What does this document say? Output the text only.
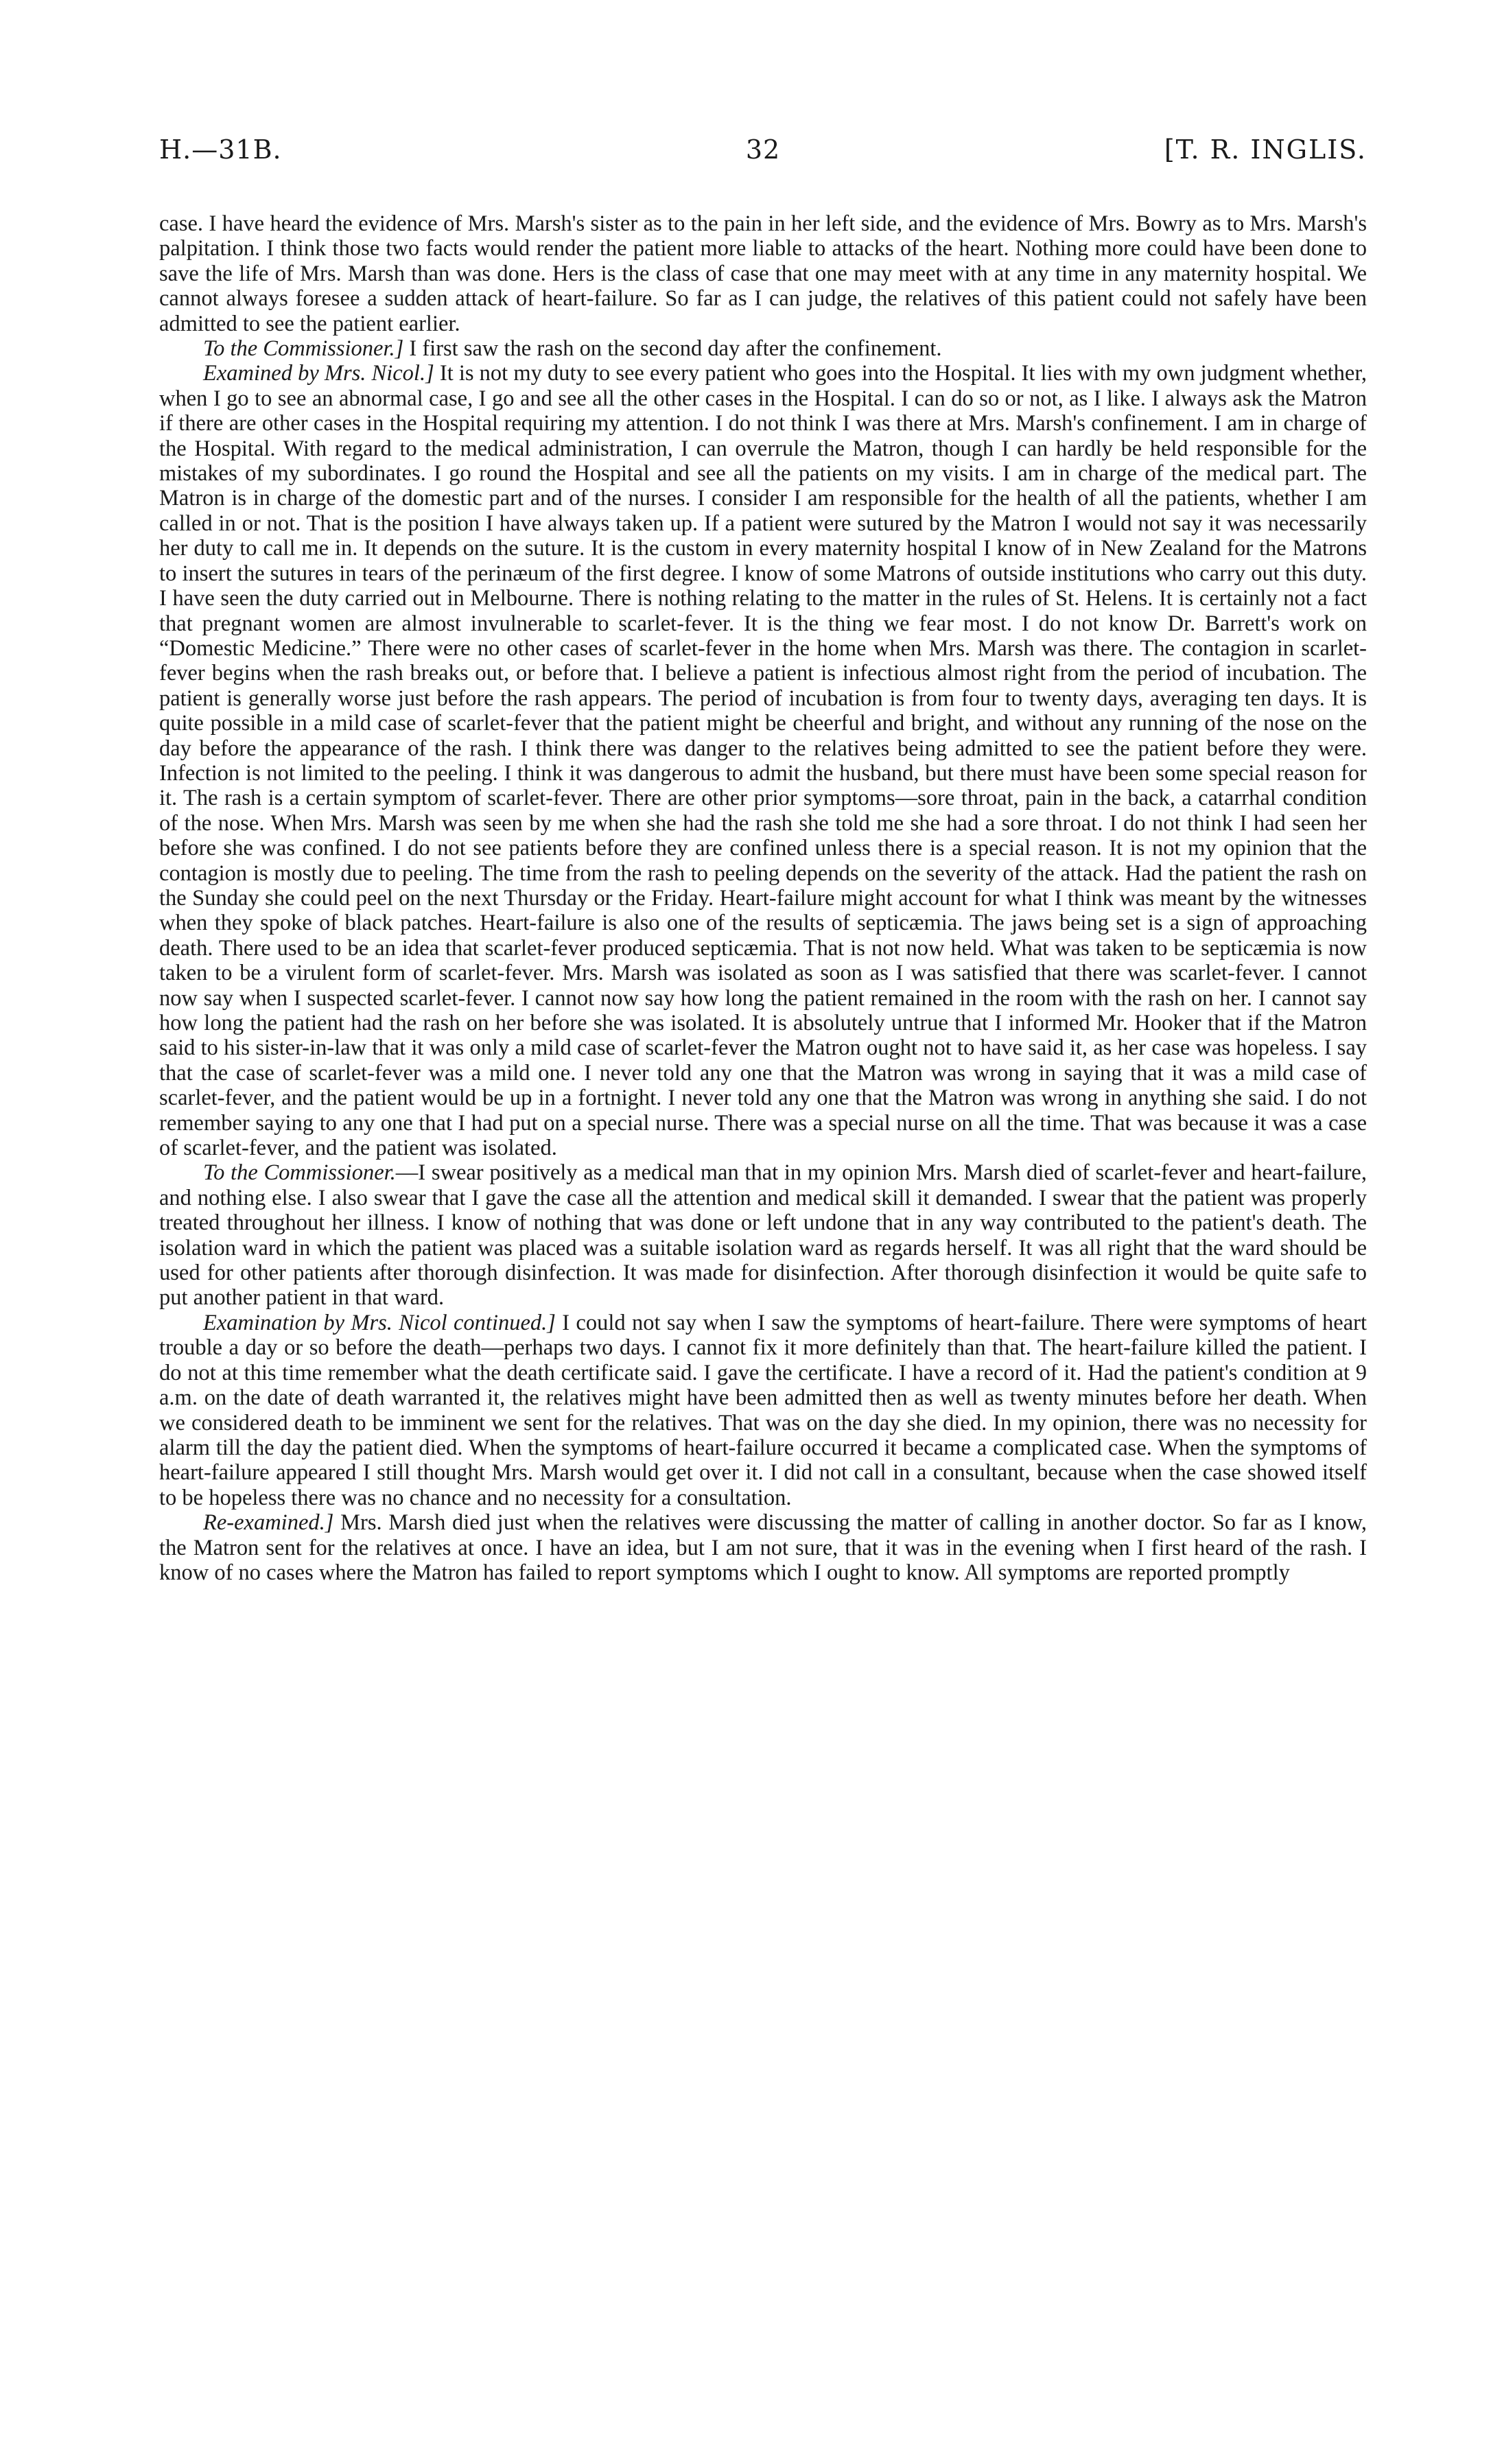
H.—31B.	32	[T. R. INGLIS.

case. I have heard the evidence of Mrs. Marsh's sister as to the pain in her left side, and the evidence of Mrs. Bowry as to Mrs. Marsh's palpitation. I think those two facts would render the patient more liable to attacks of the heart. Nothing more could have been done to save the life of Mrs. Marsh than was done. Hers is the class of case that one may meet with at any time in any maternity hospital. We cannot always foresee a sudden attack of heart-failure. So far as I can judge, the relatives of this patient could not safely have been admitted to see the patient earlier.

To the Commissioner.] I first saw the rash on the second day after the confinement.

Examined by Mrs. Nicol.] It is not my duty to see every patient who goes into the Hospital. It lies with my own judgment whether, when I go to see an abnormal case, I go and see all the other cases in the Hospital. I can do so or not, as I like. I always ask the Matron if there are other cases in the Hospital requiring my attention. I do not think I was there at Mrs. Marsh's confinement. I am in charge of the Hospital. With regard to the medical administration, I can overrule the Matron, though I can hardly be held responsible for the mistakes of my subordinates. I go round the Hospital and see all the patients on my visits. I am in charge of the medical part. The Matron is in charge of the domestic part and of the nurses. I consider I am responsible for the health of all the patients, whether I am called in or not. That is the position I have always taken up. If a patient were sutured by the Matron I would not say it was necessarily her duty to call me in. It depends on the suture. It is the custom in every maternity hospital I know of in New Zealand for the Matrons to insert the sutures in tears of the perinæum of the first degree. I know of some Matrons of outside institutions who carry out this duty. I have seen the duty carried out in Melbourne. There is nothing relating to the matter in the rules of St. Helens. It is certainly not a fact that pregnant women are almost invulnerable to scarlet-fever. It is the thing we fear most. I do not know Dr. Barrett's work on “Domestic Medicine.” There were no other cases of scarlet-fever in the home when Mrs. Marsh was there. The contagion in scarlet-fever begins when the rash breaks out, or before that. I believe a patient is infectious almost right from the period of incubation. The patient is generally worse just before the rash appears. The period of incubation is from four to twenty days, averaging ten days. It is quite possible in a mild case of scarlet-fever that the patient might be cheerful and bright, and without any running of the nose on the day before the appearance of the rash. I think there was danger to the relatives being admitted to see the patient before they were. Infection is not limited to the peeling. I think it was dangerous to admit the husband, but there must have been some special reason for it. The rash is a certain symptom of scarlet-fever. There are other prior symptoms—sore throat, pain in the back, a catarrhal condition of the nose. When Mrs. Marsh was seen by me when she had the rash she told me she had a sore throat. I do not think I had seen her before she was confined. I do not see patients before they are confined unless there is a special reason. It is not my opinion that the contagion is mostly due to peeling. The time from the rash to peeling depends on the severity of the attack. Had the patient the rash on the Sunday she could peel on the next Thursday or the Friday. Heart-failure might account for what I think was meant by the witnesses when they spoke of black patches. Heart-failure is also one of the results of septicæmia. The jaws being set is a sign of approaching death. There used to be an idea that scarlet-fever produced septicæmia. That is not now held. What was taken to be septicæmia is now taken to be a virulent form of scarlet-fever. Mrs. Marsh was isolated as soon as I was satisfied that there was scarlet-fever. I cannot now say when I suspected scarlet-fever. I cannot now say how long the patient remained in the room with the rash on her. I cannot say how long the patient had the rash on her before she was isolated. It is absolutely untrue that I informed Mr. Hooker that if the Matron said to his sister-in-law that it was only a mild case of scarlet-fever the Matron ought not to have said it, as her case was hopeless. I say that the case of scarlet-fever was a mild one. I never told any one that the Matron was wrong in saying that it was a mild case of scarlet-fever, and the patient would be up in a fortnight. I never told any one that the Matron was wrong in anything she said. I do not remember saying to any one that I had put on a special nurse. There was a special nurse on all the time. That was because it was a case of scarlet-fever, and the patient was isolated.

To the Commissioner.—I swear positively as a medical man that in my opinion Mrs. Marsh died of scarlet-fever and heart-failure, and nothing else. I also swear that I gave the case all the attention and medical skill it demanded. I swear that the patient was properly treated throughout her illness. I know of nothing that was done or left undone that in any way contributed to the patient's death. The isolation ward in which the patient was placed was a suitable isolation ward as regards herself. It was all right that the ward should be used for other patients after thorough disinfection. It was made for disinfection. After thorough disinfection it would be quite safe to put another patient in that ward.

Examination by Mrs. Nicol continued.] I could not say when I saw the symptoms of heart-failure. There were symptoms of heart trouble a day or so before the death—perhaps two days. I cannot fix it more definitely than that. The heart-failure killed the patient. I do not at this time remember what the death certificate said. I gave the certificate. I have a record of it. Had the patient's condition at 9 a.m. on the date of death warranted it, the relatives might have been admitted then as well as twenty minutes before her death. When we considered death to be imminent we sent for the relatives. That was on the day she died. In my opinion, there was no necessity for alarm till the day the patient died. When the symptoms of heart-failure occurred it became a complicated case. When the symptoms of heart-failure appeared I still thought Mrs. Marsh would get over it. I did not call in a consultant, because when the case showed itself to be hopeless there was no chance and no necessity for a consultation.

Re-examined.] Mrs. Marsh died just when the relatives were discussing the matter of calling in another doctor. So far as I know, the Matron sent for the relatives at once. I have an idea, but I am not sure, that it was in the evening when I first heard of the rash. I know of no cases where the Matron has failed to report symptoms which I ought to know. All symptoms are reported promptly
